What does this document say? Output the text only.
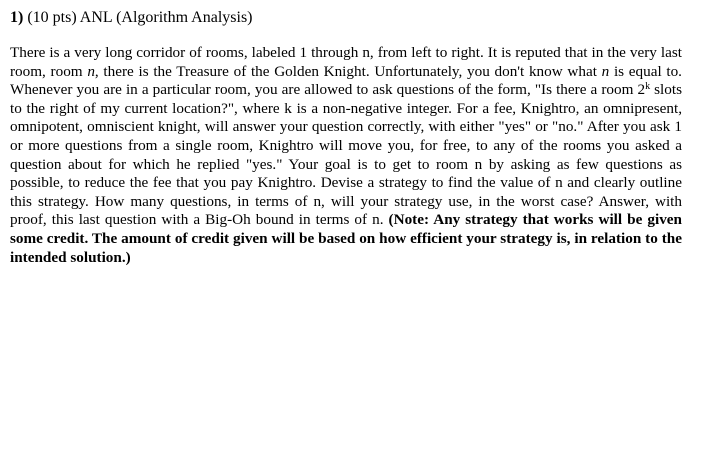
1) (10 pts) ANL (Algorithm Analysis)

There is a very long corridor of rooms, labeled 1 through n, from left to right. It is reputed that in the very last room, room n, there is the Treasure of the Golden Knight. Unfortunately, you don't know what n is equal to. Whenever you are in a particular room, you are allowed to ask questions of the form, "Is there a room 2$^k$ slots to the right of my current location?", where k is a non-negative integer. For a fee, Knightro, an omnipresent, omnipotent, omniscient knight, will answer your question correctly, with either "yes" or "no." After you ask 1 or more questions from a single room, Knightro will move you, for free, to any of the rooms you asked a question about for which he replied "yes." Your goal is to get to room n by asking as few questions as possible, to reduce the fee that you pay Knightro. Devise a strategy to find the value of n and clearly outline this strategy. How many questions, in terms of n, will your strategy use, in the worst case? Answer, with proof, this last question with a Big-Oh bound in terms of n. (Note: Any strategy that works will be given some credit. The amount of credit given will be based on how efficient your strategy is, in relation to the intended solution.)
